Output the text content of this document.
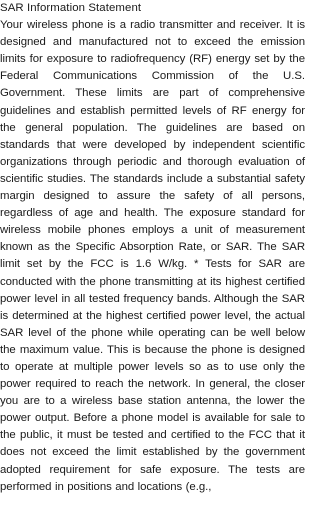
SAR Information Statement

Your wireless phone is a radio transmitter and receiver. It is designed and manufactured not to exceed the emission limits for exposure to radiofrequency (RF) energy set by the Federal Communications Commission of the U.S. Government. These limits are part of comprehensive guidelines and establish permitted levels of RF energy for the general population. The guidelines are based on standards that were developed by independent scientific organizations through periodic and thorough evaluation of scientific studies. The standards include a substantial safety margin designed to assure the safety of all persons, regardless of age and health. The exposure standard for wireless mobile phones employs a unit of measurement known as the Specific Absorption Rate, or SAR. The SAR limit set by the FCC is 1.6 W/kg. * Tests for SAR are conducted with the phone transmitting at its highest certified power level in all tested frequency bands. Although the SAR is determined at the highest certified power level, the actual SAR level of the phone while operating can be well below the maximum value. This is because the phone is designed to operate at multiple power levels so as to use only the power required to reach the network. In general, the closer you are to a wireless base station antenna, the lower the power output. Before a phone model is available for sale to the public, it must be tested and certified to the FCC that it does not exceed the limit established by the government adopted requirement for safe exposure. The tests are performed in positions and locations (e.g.,
